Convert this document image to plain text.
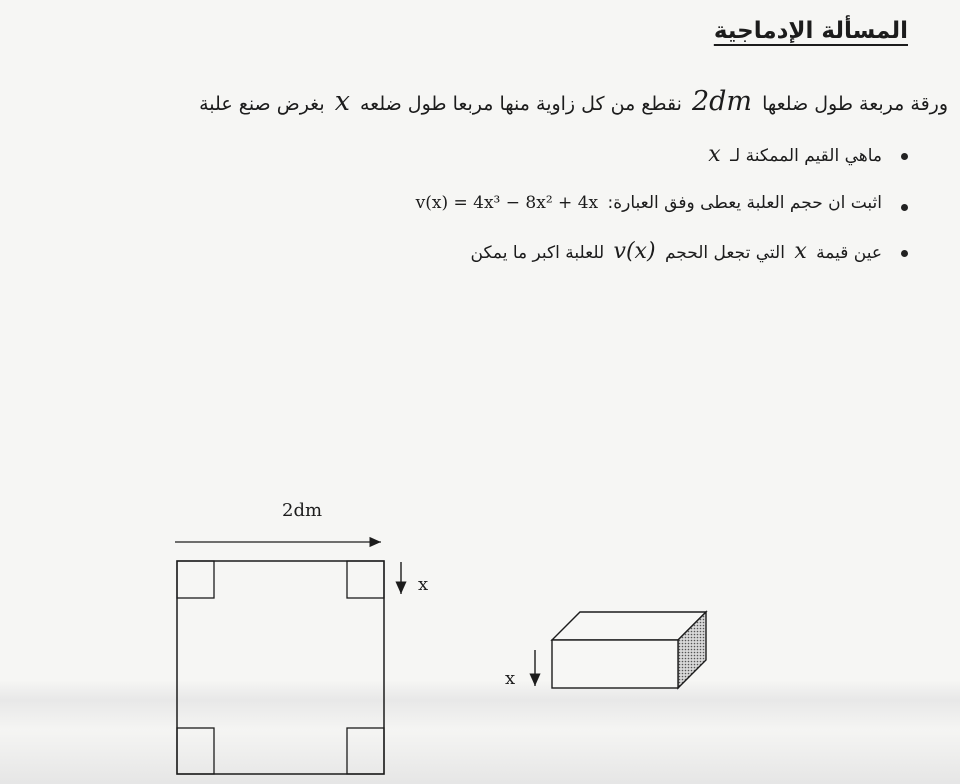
المسألة الإدماجية
ورقة مربعة طول ضلعها 2dm نقطع من كل زاوية منها مربعا طول ضلعه x بغرض صنع علبة
ماهي القيم الممكنة لـ x
اثبت ان حجم العلبة يعطى وفق العبارة: v(x) = 4x³ − 8x² + 4x
عين قيمة x التي تجعل الحجم v(x) للعلبة اكبر ما يمكن
2dm
x
x
